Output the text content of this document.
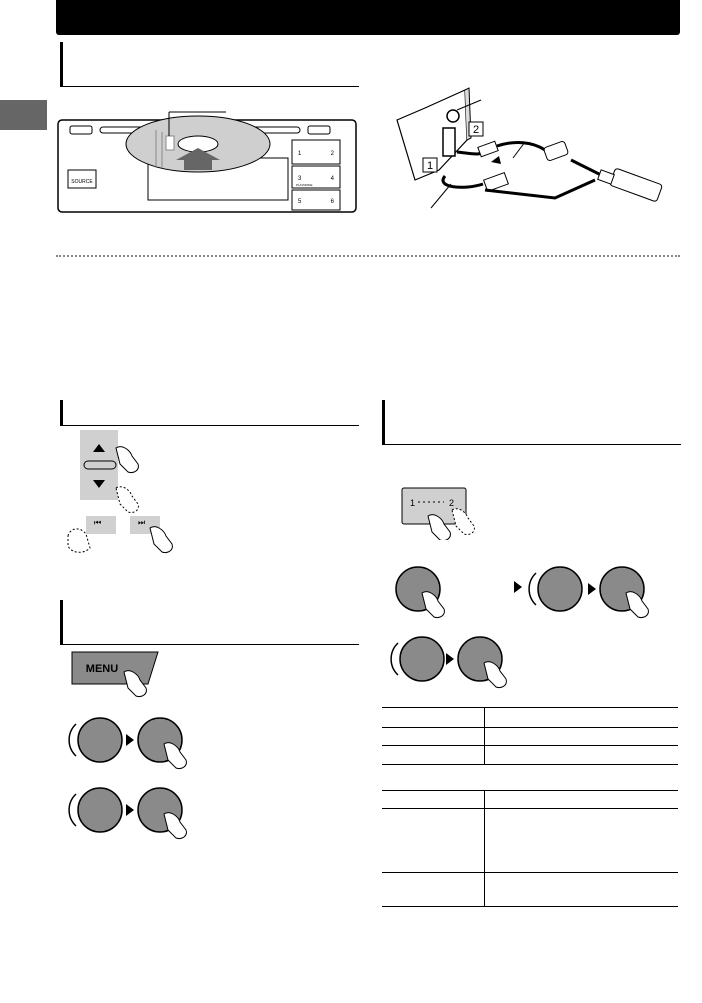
SOURCE
1	2
3	4
PLAYMODE
5	6
1
2
⏮	⏭
1	2
MENU
